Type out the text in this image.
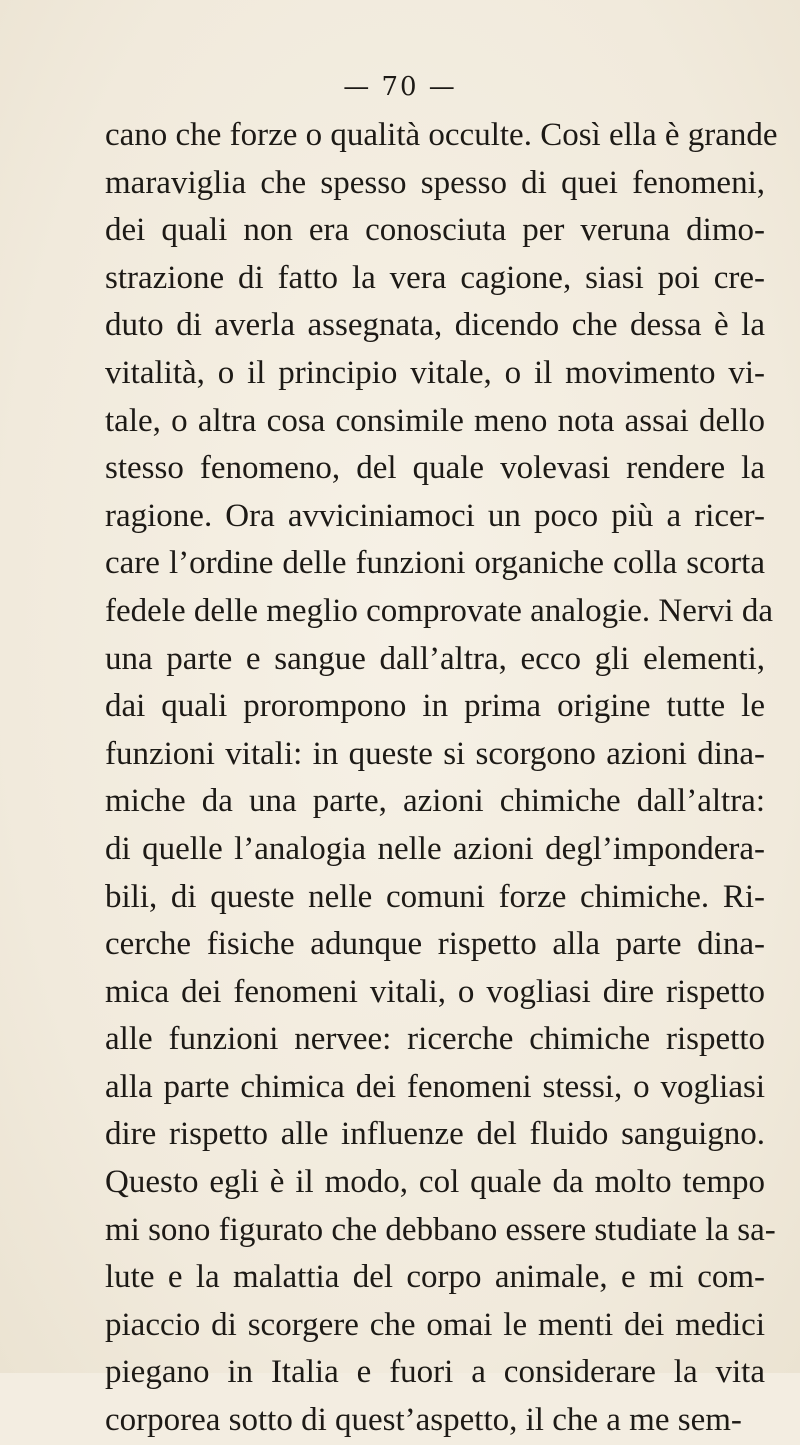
— 70 —
cano che forze o qualità occulte. Così ella è grande
maraviglia che spesso spesso di quei fenomeni,
dei quali non era conosciuta per veruna dimo-
strazione di fatto la vera cagione, siasi poi cre-
duto di averla assegnata, dicendo che dessa è la
vitalità, o il principio vitale, o il movimento vi-
tale, o altra cosa consimile meno nota assai dello
stesso fenomeno, del quale volevasi rendere la
ragione. Ora avviciniamoci un poco più a ricer-
care l’ordine delle funzioni organiche colla scorta
fedele delle meglio comprovate analogie. Nervi da
una parte e sangue dall’altra, ecco gli elementi,
dai quali prorompono in prima origine tutte le
funzioni vitali: in queste si scorgono azioni dina-
miche da una parte, azioni chimiche dall’altra:
di quelle l’analogia nelle azioni degl’imponderа-
bili, di queste nelle comuni forze chimiche. Ri-
cerche fisiche adunque rispetto alla parte dina-
mica dei fenomeni vitali, o vogliasi dire rispetto
alle funzioni nervee: ricerche chimiche rispetto
alla parte chimica dei fenomeni stessi, o vogliasi
dire rispetto alle influenze del fluido sanguigno.
Questo egli è il modo, col quale da molto tempo
mi sono figurato che debbano essere studiate la sa-
lute e la malattia del corpo animale, e mi com-
piaccio di scorgere che omai le menti dei medici
piegano in Italia e fuori a considerare la vita
corporea sotto di quest’aspetto, il che a me sem-
